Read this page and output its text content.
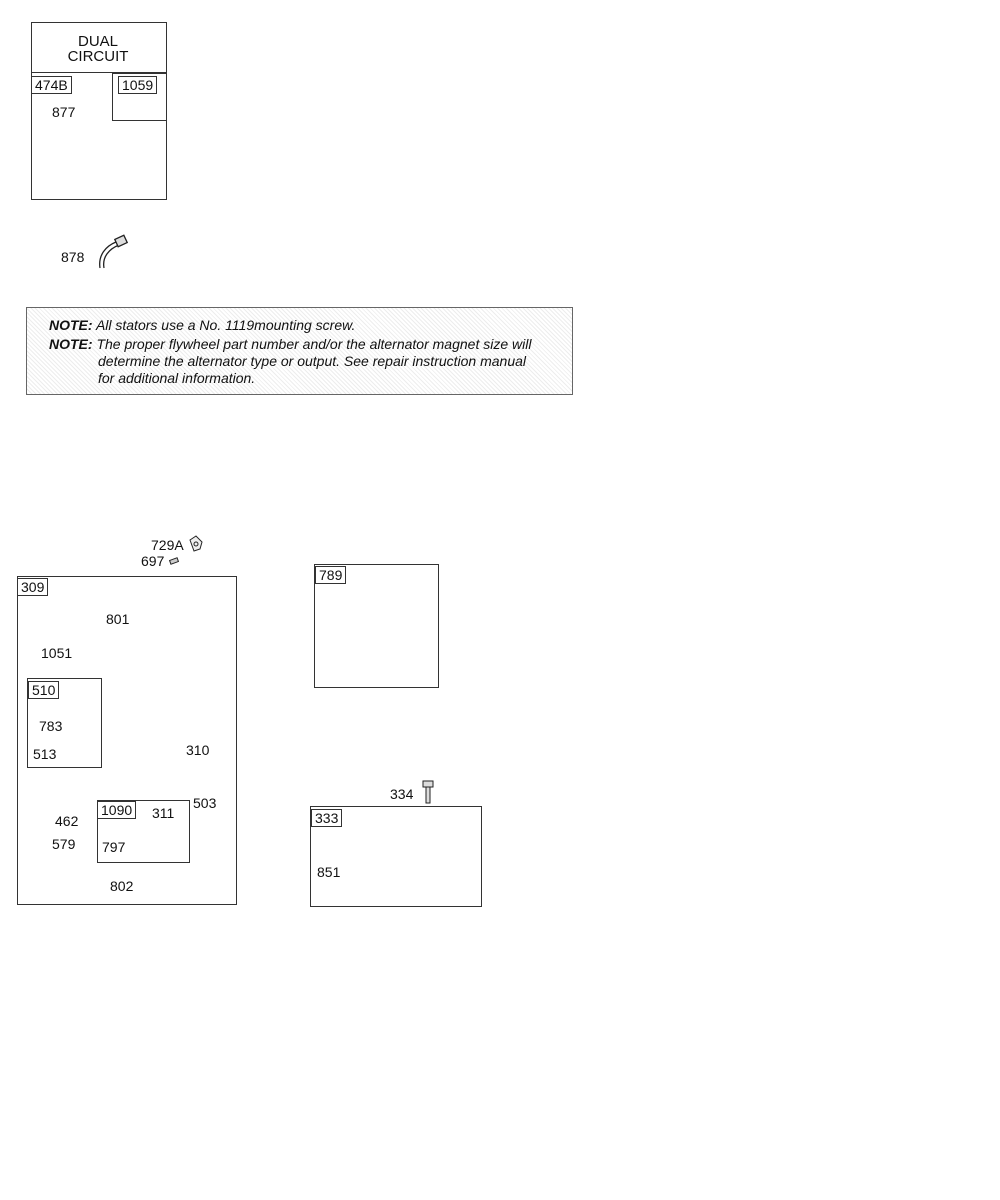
DUAL
CIRCUIT
474B	1059
877
878
NOTE: All stators use a No. 1119mounting screw.
NOTE: The proper flywheel part number and/or the alternator magnet size will
determine the alternator type or output. See repair instruction manual
for additional information.
729A
697
309
801
1051
510
783
513	310
503
1090 311
462
579 797
802
789
334
333
851
